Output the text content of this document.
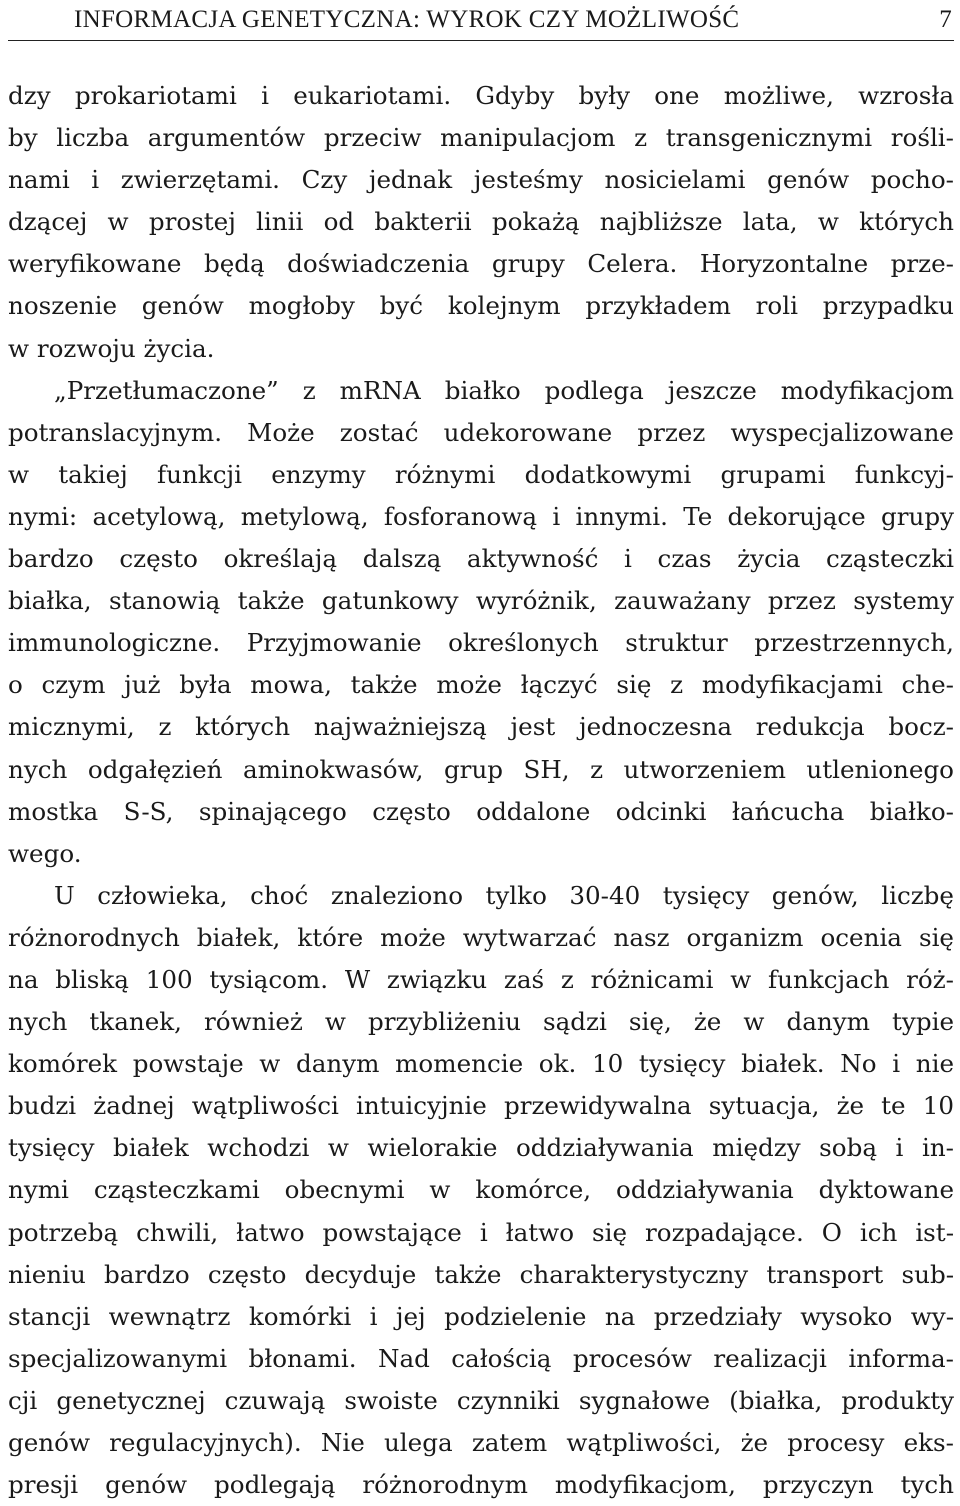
INFORMACJA GENETYCZNA: WYROK CZY MOŻLIWOŚĆ	7
dzy prokariotami i eukariotami. Gdyby były one możliwe, wzrosła
by liczba argumentów przeciw manipulacjom z transgenicznymi rośli-
nami i zwierzętami. Czy jednak jesteśmy nosicielami genów pocho-
dzącej w prostej linii od bakterii pokażą najbliższe lata, w których
weryfikowane będą doświadczenia grupy Celera. Horyzontalne prze-
noszenie genów mogłoby być kolejnym przykładem roli przypadku
w rozwoju życia.
„Przetłumaczone” z mRNA białko podlega jeszcze modyfikacjom
potranslacyjnym. Może zostać udekorowane przez wyspecjalizowane
w takiej funkcji enzymy różnymi dodatkowymi grupami funkcyj-
nymi: acetylową, metylową, fosforanową i innymi. Te dekorujące grupy
bardzo często określają dalszą aktywność i czas życia cząsteczki
białka, stanowią także gatunkowy wyróżnik, zauważany przez systemy
immunologiczne. Przyjmowanie określonych struktur przestrzennych,
o czym już była mowa, także może łączyć się z modyfikacjami che-
micznymi, z których najważniejszą jest jednoczesna redukcja bocz-
nych odgałęzień aminokwasów, grup SH, z utworzeniem utlenionego
mostka S-S, spinającego często oddalone odcinki łańcucha białko-
wego.
U człowieka, choć znaleziono tylko 30-40 tysięcy genów, liczbę
różnorodnych białek, które może wytwarzać nasz organizm ocenia się
na bliską 100 tysiącom. W związku zaś z różnicami w funkcjach róż-
nych tkanek, również w przybliżeniu sądzi się, że w danym typie
komórek powstaje w danym momencie ok. 10 tysięcy białek. No i nie
budzi żadnej wątpliwości intuicyjnie przewidywalna sytuacja, że te 10
tysięcy białek wchodzi w wielorakie oddziaływania między sobą i in-
nymi cząsteczkami obecnymi w komórce, oddziaływania dyktowane
potrzebą chwili, łatwo powstające i łatwo się rozpadające. O ich ist-
nieniu bardzo często decyduje także charakterystyczny transport sub-
stancji wewnątrz komórki i jej podzielenie na przedziały wysoko wy-
specjalizowanymi błonami. Nad całością procesów realizacji informa-
cji genetycznej czuwają swoiste czynniki sygnałowe (białka, produkty
genów regulacyjnych). Nie ulega zatem wątpliwości, że procesy eks-
presji genów podlegają różnorodnym modyfikacjom, przyczyn tych
